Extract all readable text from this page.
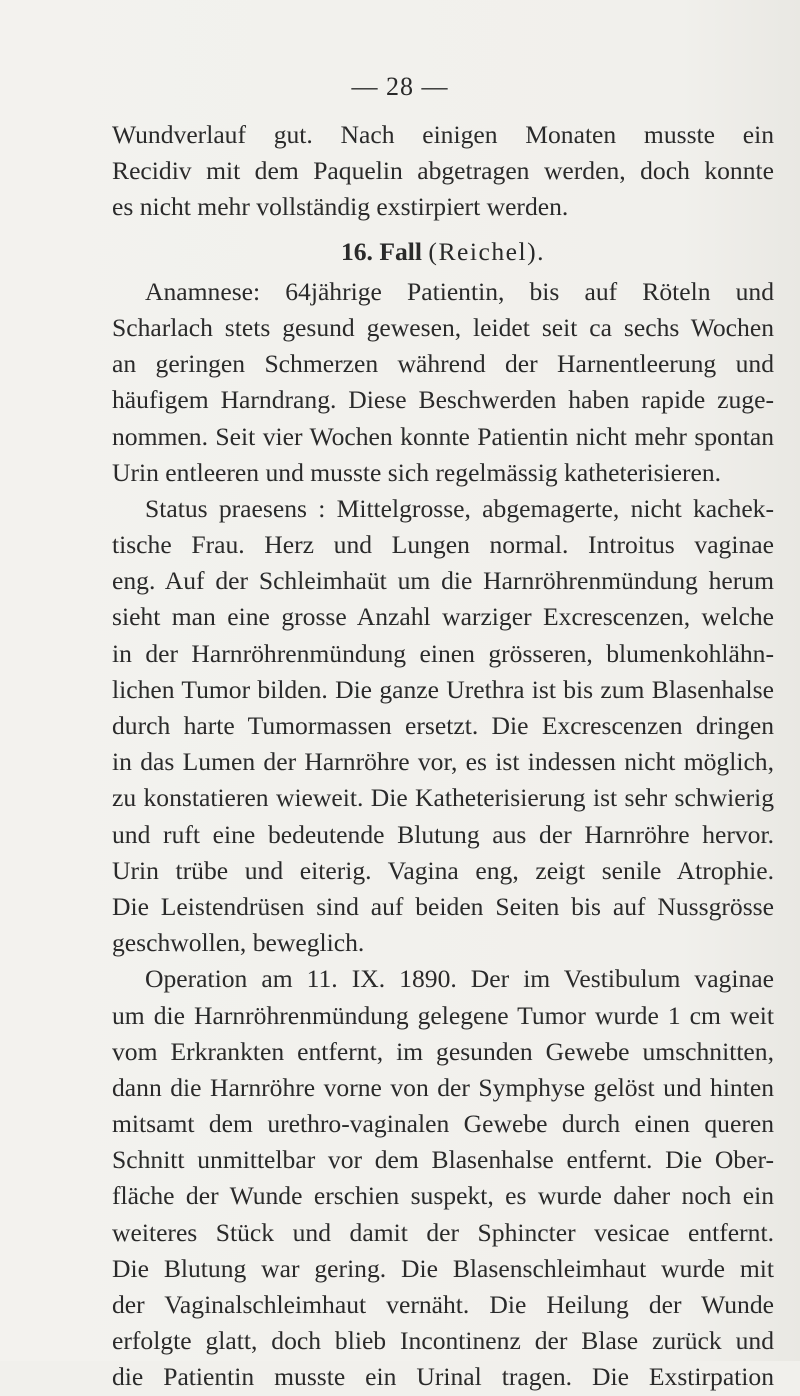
— 28 —
Wundverlauf gut. Nach einigen Monaten musste ein
Recidiv mit dem Paquelin abgetragen werden, doch konnte
es nicht mehr vollständig exstirpiert werden.
16. Fall (Reichel).
Anamnese: 64jährige Patientin, bis auf Röteln und
Scharlach stets gesund gewesen, leidet seit ca sechs Wochen
an geringen Schmerzen während der Harnentleerung und
häufigem Harndrang. Diese Beschwerden haben rapide zuge-
nommen. Seit vier Wochen konnte Patientin nicht mehr spontan
Urin entleeren und musste sich regelmässig katheterisieren.
Status praesens : Mittelgrosse, abgemagerte, nicht kachek-
tische Frau. Herz und Lungen normal. Introitus vaginae
eng. Auf der Schleimhaüt um die Harnröhrenmündung herum
sieht man eine grosse Anzahl warziger Excrescenzen, welche
in der Harnröhrenmündung einen grösseren, blumenkohlähn-
lichen Tumor bilden. Die ganze Urethra ist bis zum Blasenhalse
durch harte Tumormassen ersetzt. Die Excrescenzen dringen
in das Lumen der Harnröhre vor, es ist indessen nicht möglich,
zu konstatieren wieweit. Die Katheterisierung ist sehr schwierig
und ruft eine bedeutende Blutung aus der Harnröhre hervor.
Urin trübe und eiterig. Vagina eng, zeigt senile Atrophie.
Die Leistendrüsen sind auf beiden Seiten bis auf Nussgrösse
geschwollen, beweglich.
Operation am 11. IX. 1890. Der im Vestibulum vaginae
um die Harnröhrenmündung gelegene Tumor wurde 1 cm weit
vom Erkrankten entfernt, im gesunden Gewebe umschnitten,
dann die Harnröhre vorne von der Symphyse gelöst und hinten
mitsamt dem urethro-vaginalen Gewebe durch einen queren
Schnitt unmittelbar vor dem Blasenhalse entfernt. Die Ober-
fläche der Wunde erschien suspekt, es wurde daher noch ein
weiteres Stück und damit der Sphincter vesicae entfernt.
Die Blutung war gering. Die Blasenschleimhaut wurde mit
der Vaginalschleimhaut vernäht. Die Heilung der Wunde
erfolgte glatt, doch blieb Incontinenz der Blase zurück und
die Patientin musste ein Urinal tragen. Die Exstirpation
